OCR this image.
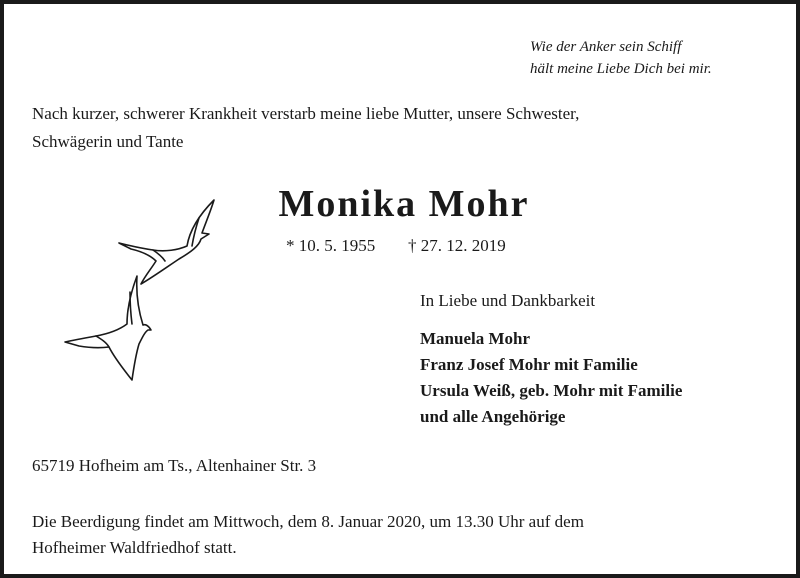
Wie der Anker sein Schiff
hält meine Liebe Dich bei mir.
Nach kurzer, schwerer Krankheit verstarb meine liebe Mutter, unsere Schwester,
Schwägerin und Tante
Monika Mohr
* 10. 5. 1955 † 27. 12. 2019
In Liebe und Dankbarkeit
Manuela Mohr
Franz Josef Mohr mit Familie
Ursula Weiß, geb. Mohr mit Familie
und alle Angehörige
65719 Hofheim am Ts., Altenhainer Str. 3
Die Beerdigung findet am Mittwoch, dem 8. Januar 2020, um 13.30 Uhr auf dem
Hofheimer Waldfriedhof statt.
